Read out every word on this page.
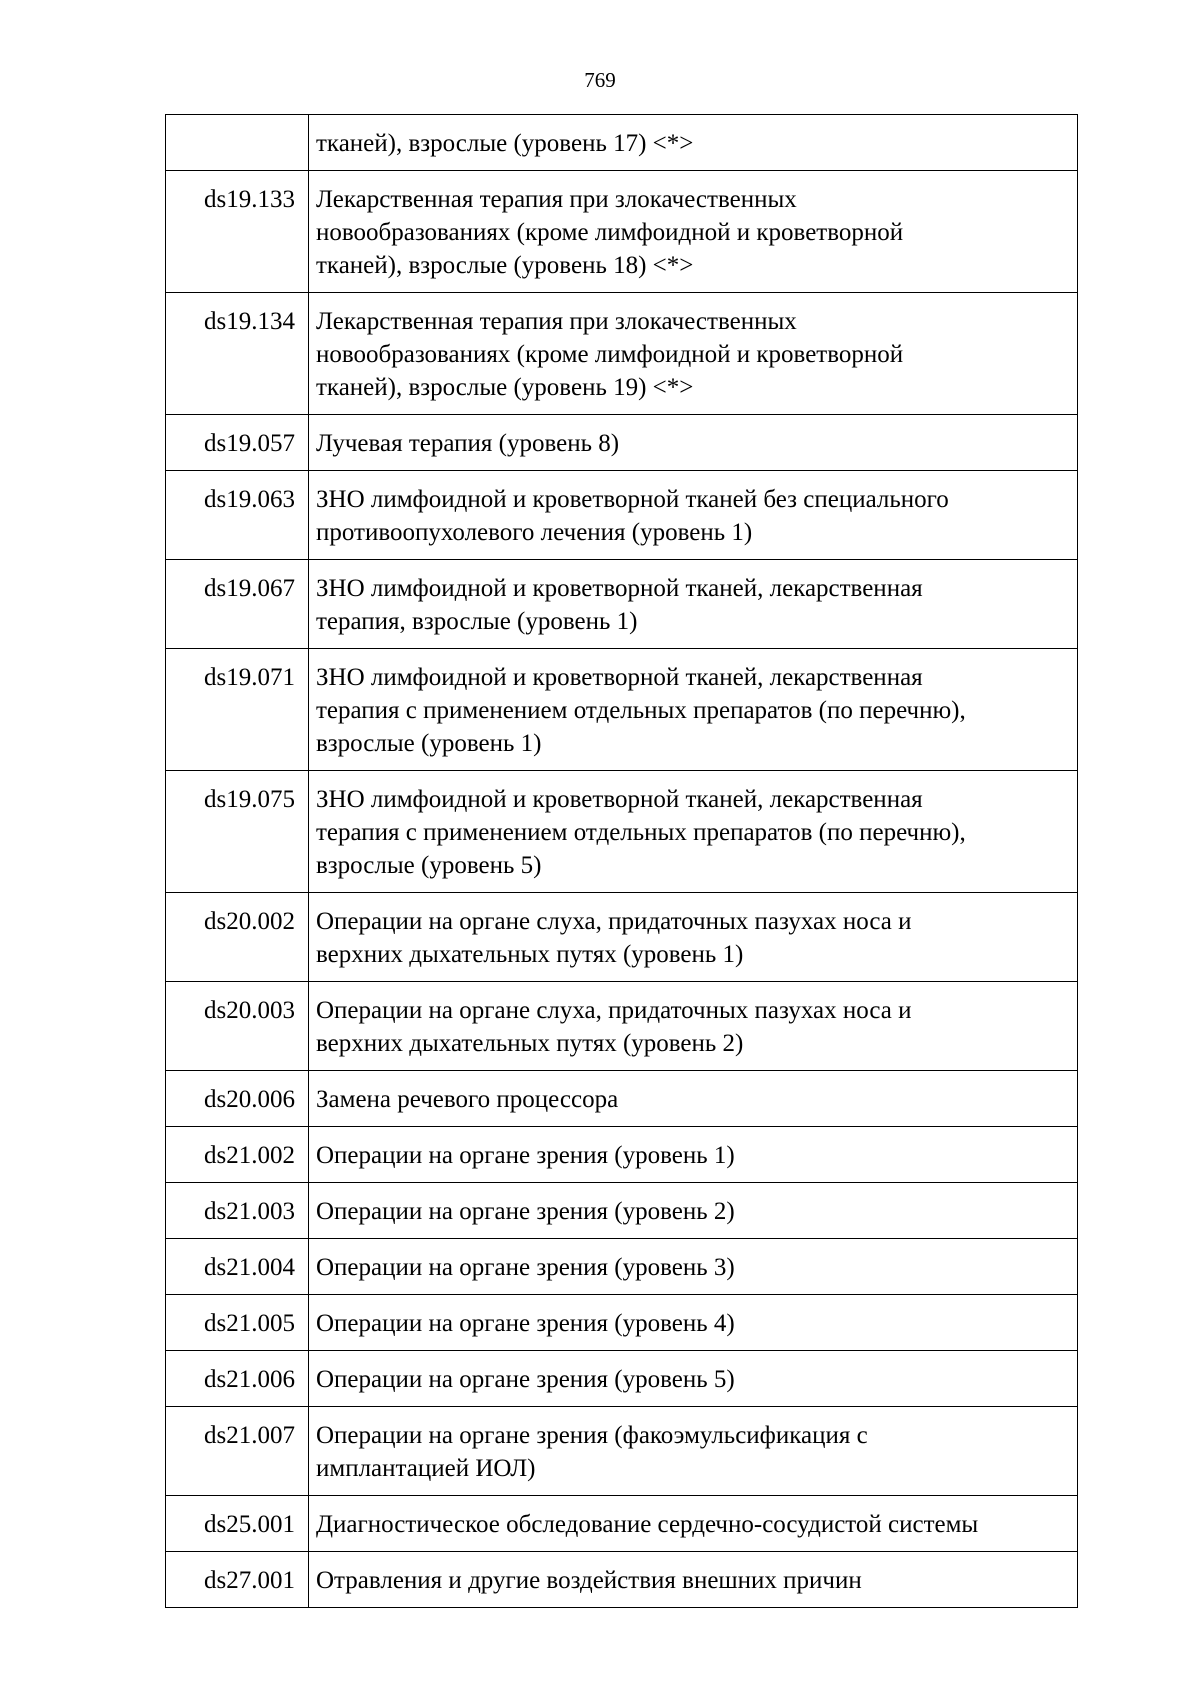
769
	тканей), взрослые (уровень 17) <*>
ds19.133	Лекарственная терапия при злокачественных
новообразованиях (кроме лимфоидной и кроветворной
тканей), взрослые (уровень 18) <*>
ds19.134	Лекарственная терапия при злокачественных
новообразованиях (кроме лимфоидной и кроветворной
тканей), взрослые (уровень 19) <*>
ds19.057	Лучевая терапия (уровень 8)
ds19.063	ЗНО лимфоидной и кроветворной тканей без специального
противоопухолевого лечения (уровень 1)
ds19.067	ЗНО лимфоидной и кроветворной тканей, лекарственная
терапия, взрослые (уровень 1)
ds19.071	ЗНО лимфоидной и кроветворной тканей, лекарственная
терапия с применением отдельных препаратов (по перечню),
взрослые (уровень 1)
ds19.075	ЗНО лимфоидной и кроветворной тканей, лекарственная
терапия с применением отдельных препаратов (по перечню),
взрослые (уровень 5)
ds20.002	Операции на органе слуха, придаточных пазухах носа и
верхних дыхательных путях (уровень 1)
ds20.003	Операции на органе слуха, придаточных пазухах носа и
верхних дыхательных путях (уровень 2)
ds20.006	Замена речевого процессора
ds21.002	Операции на органе зрения (уровень 1)
ds21.003	Операции на органе зрения (уровень 2)
ds21.004	Операции на органе зрения (уровень 3)
ds21.005	Операции на органе зрения (уровень 4)
ds21.006	Операции на органе зрения (уровень 5)
ds21.007	Операции на органе зрения (факоэмульсификация с
имплантацией ИОЛ)
ds25.001	Диагностическое обследование сердечно-сосудистой системы
ds27.001	Отравления и другие воздействия внешних причин
